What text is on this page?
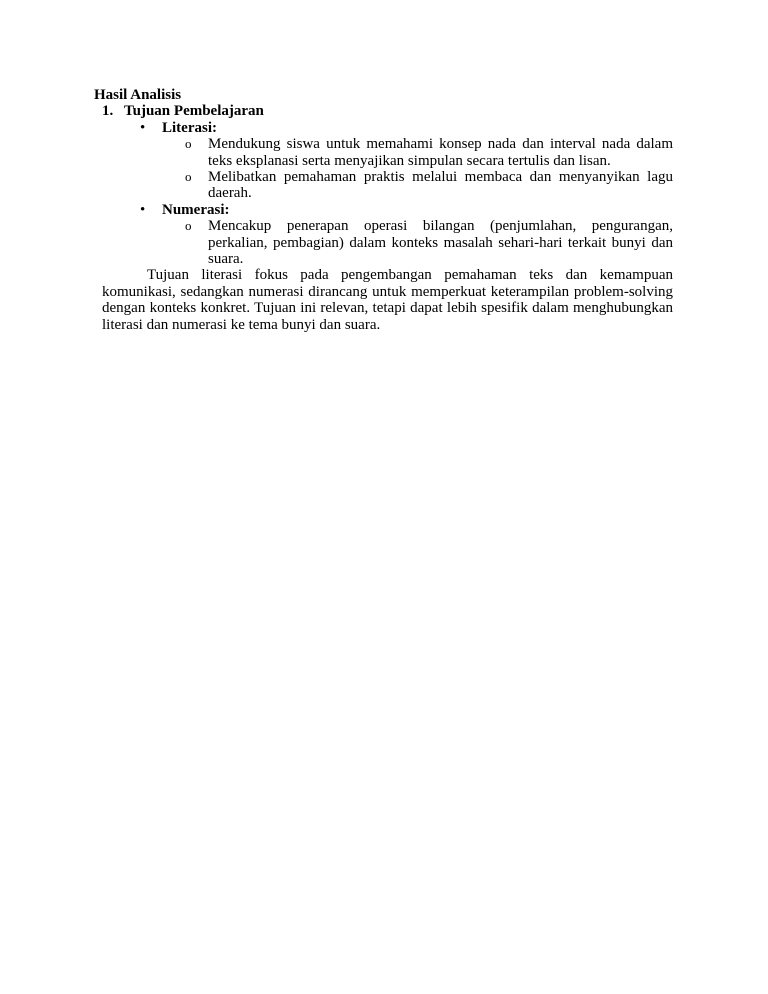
Hasil Analisis

1. Tujuan Pembelajaran
• Literasi:
o Mendukung siswa untuk memahami konsep nada dan interval nada dalam teks eksplanasi serta menyajikan simpulan secara tertulis dan lisan.
o Melibatkan pemahaman praktis melalui membaca dan menyanyikan lagu daerah.
• Numerasi:
o Mencakup penerapan operasi bilangan (penjumlahan, pengurangan, perkalian, pembagian) dalam konteks masalah sehari-hari terkait bunyi dan suara.

Tujuan literasi fokus pada pengembangan pemahaman teks dan kemampuan komunikasi, sedangkan numerasi dirancang untuk memperkuat keterampilan problem-solving dengan konteks konkret. Tujuan ini relevan, tetapi dapat lebih spesifik dalam menghubungkan literasi dan numerasi ke tema bunyi dan suara.
